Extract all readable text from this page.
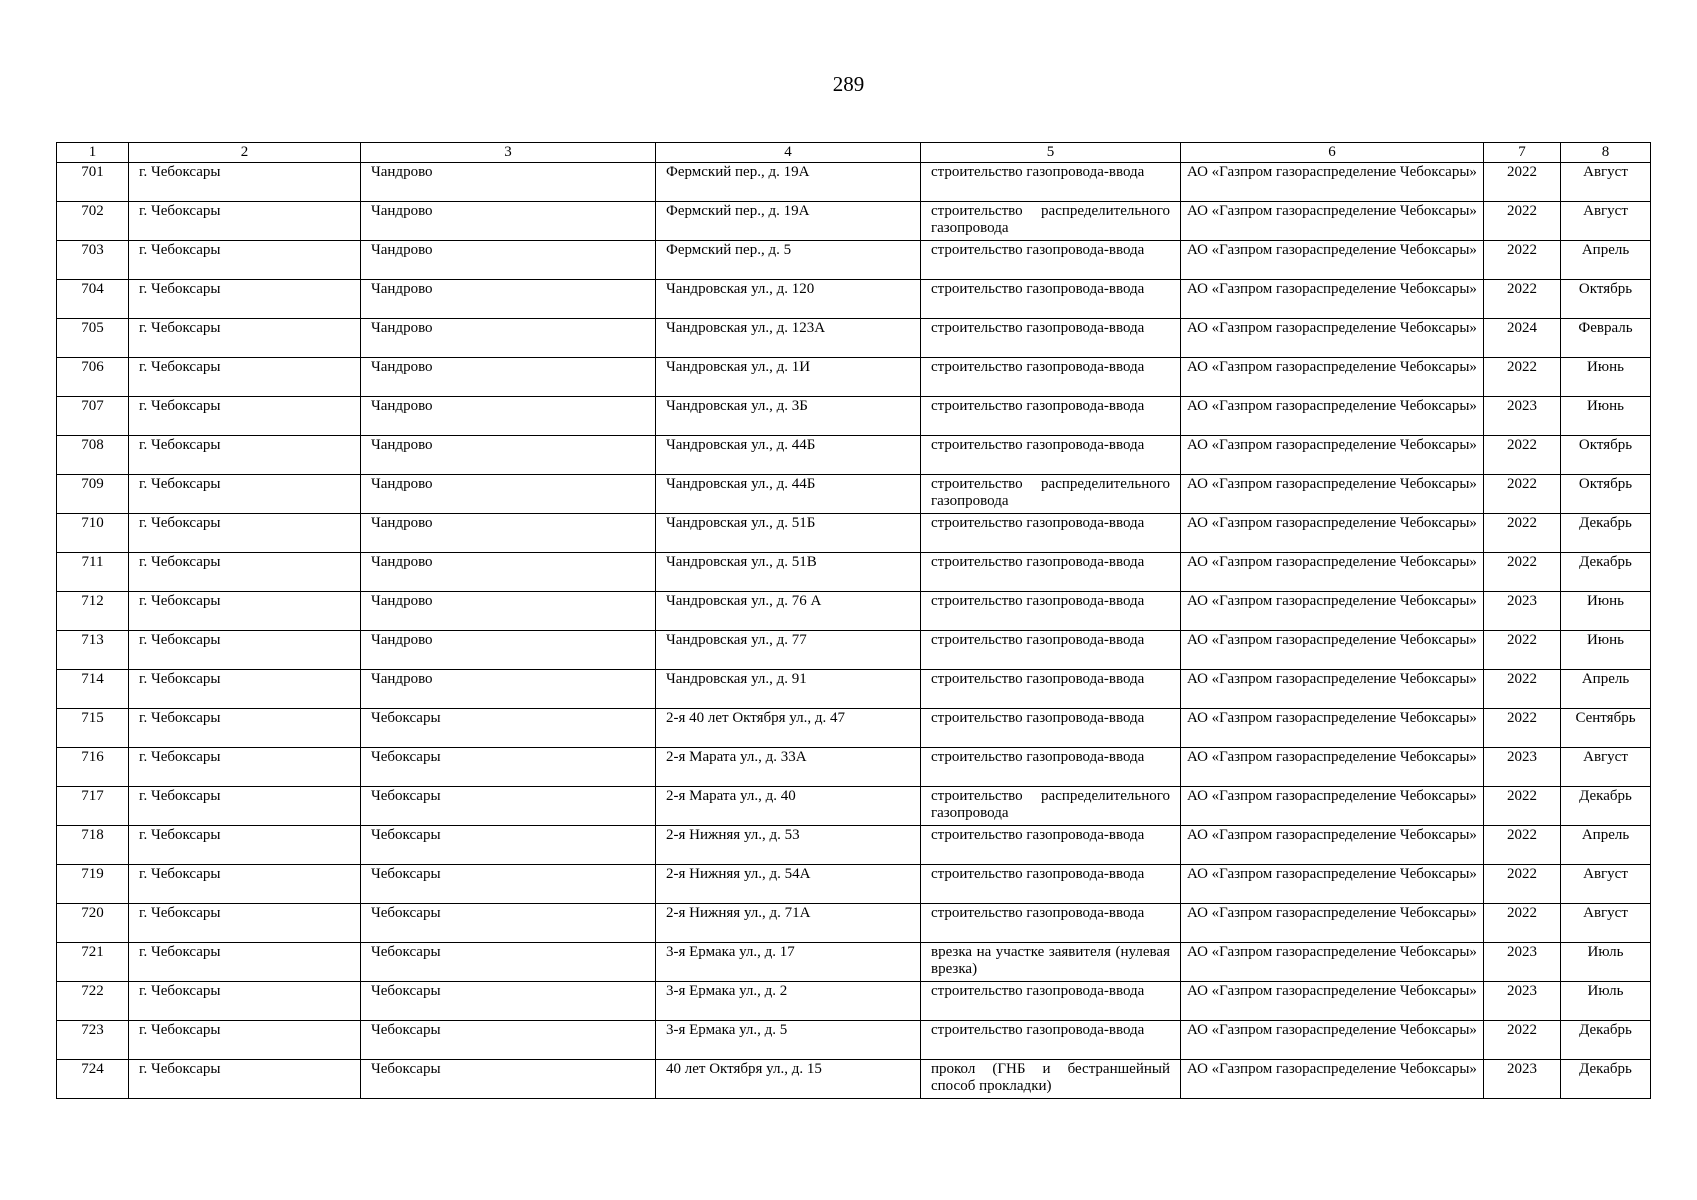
289
1	2	3	4	5	6	7	8
701	г. Чебоксары	Чандрово	Фермский пер., д. 19А	строительство газопровода-ввода	АО «Газпром газораспределение Чебоксары»	2022	Август
702	г. Чебоксары	Чандрово	Фермский пер., д. 19А	строительство распределительного газопровода	АО «Газпром газораспределение Чебоксары»	2022	Август
703	г. Чебоксары	Чандрово	Фермский пер., д. 5	строительство газопровода-ввода	АО «Газпром газораспределение Чебоксары»	2022	Апрель
704	г. Чебоксары	Чандрово	Чандровская ул., д. 120	строительство газопровода-ввода	АО «Газпром газораспределение Чебоксары»	2022	Октябрь
705	г. Чебоксары	Чандрово	Чандровская ул., д. 123А	строительство газопровода-ввода	АО «Газпром газораспределение Чебоксары»	2024	Февраль
706	г. Чебоксары	Чандрово	Чандровская ул., д. 1И	строительство газопровода-ввода	АО «Газпром газораспределение Чебоксары»	2022	Июнь
707	г. Чебоксары	Чандрово	Чандровская ул., д. 3Б	строительство газопровода-ввода	АО «Газпром газораспределение Чебоксары»	2023	Июнь
708	г. Чебоксары	Чандрово	Чандровская ул., д. 44Б	строительство газопровода-ввода	АО «Газпром газораспределение Чебоксары»	2022	Октябрь
709	г. Чебоксары	Чандрово	Чандровская ул., д. 44Б	строительство распределительного газопровода	АО «Газпром газораспределение Чебоксары»	2022	Октябрь
710	г. Чебоксары	Чандрово	Чандровская ул., д. 51Б	строительство газопровода-ввода	АО «Газпром газораспределение Чебоксары»	2022	Декабрь
711	г. Чебоксары	Чандрово	Чандровская ул., д. 51В	строительство газопровода-ввода	АО «Газпром газораспределение Чебоксары»	2022	Декабрь
712	г. Чебоксары	Чандрово	Чандровская ул., д. 76 А	строительство газопровода-ввода	АО «Газпром газораспределение Чебоксары»	2023	Июнь
713	г. Чебоксары	Чандрово	Чандровская ул., д. 77	строительство газопровода-ввода	АО «Газпром газораспределение Чебоксары»	2022	Июнь
714	г. Чебоксары	Чандрово	Чандровская ул., д. 91	строительство газопровода-ввода	АО «Газпром газораспределение Чебоксары»	2022	Апрель
715	г. Чебоксары	Чебоксары	2-я 40 лет Октября ул., д. 47	строительство газопровода-ввода	АО «Газпром газораспределение Чебоксары»	2022	Сентябрь
716	г. Чебоксары	Чебоксары	2-я Марата ул., д. 33А	строительство газопровода-ввода	АО «Газпром газораспределение Чебоксары»	2023	Август
717	г. Чебоксары	Чебоксары	2-я Марата ул., д. 40	строительство распределительного газопровода	АО «Газпром газораспределение Чебоксары»	2022	Декабрь
718	г. Чебоксары	Чебоксары	2-я Нижняя ул., д. 53	строительство газопровода-ввода	АО «Газпром газораспределение Чебоксары»	2022	Апрель
719	г. Чебоксары	Чебоксары	2-я Нижняя ул., д. 54А	строительство газопровода-ввода	АО «Газпром газораспределение Чебоксары»	2022	Август
720	г. Чебоксары	Чебоксары	2-я Нижняя ул., д. 71А	строительство газопровода-ввода	АО «Газпром газораспределение Чебоксары»	2022	Август
721	г. Чебоксары	Чебоксары	3-я Ермака ул., д. 17	врезка на участке заявителя (нулевая врезка)	АО «Газпром газораспределение Чебоксары»	2023	Июль
722	г. Чебоксары	Чебоксары	3-я Ермака ул., д. 2	строительство газопровода-ввода	АО «Газпром газораспределение Чебоксары»	2023	Июль
723	г. Чебоксары	Чебоксары	3-я Ермака ул., д. 5	строительство газопровода-ввода	АО «Газпром газораспределение Чебоксары»	2022	Декабрь
724	г. Чебоксары	Чебоксары	40 лет Октября ул., д. 15	прокол (ГНБ и бестраншейный способ прокладки)	АО «Газпром газораспределение Чебоксары»	2023	Декабрь
